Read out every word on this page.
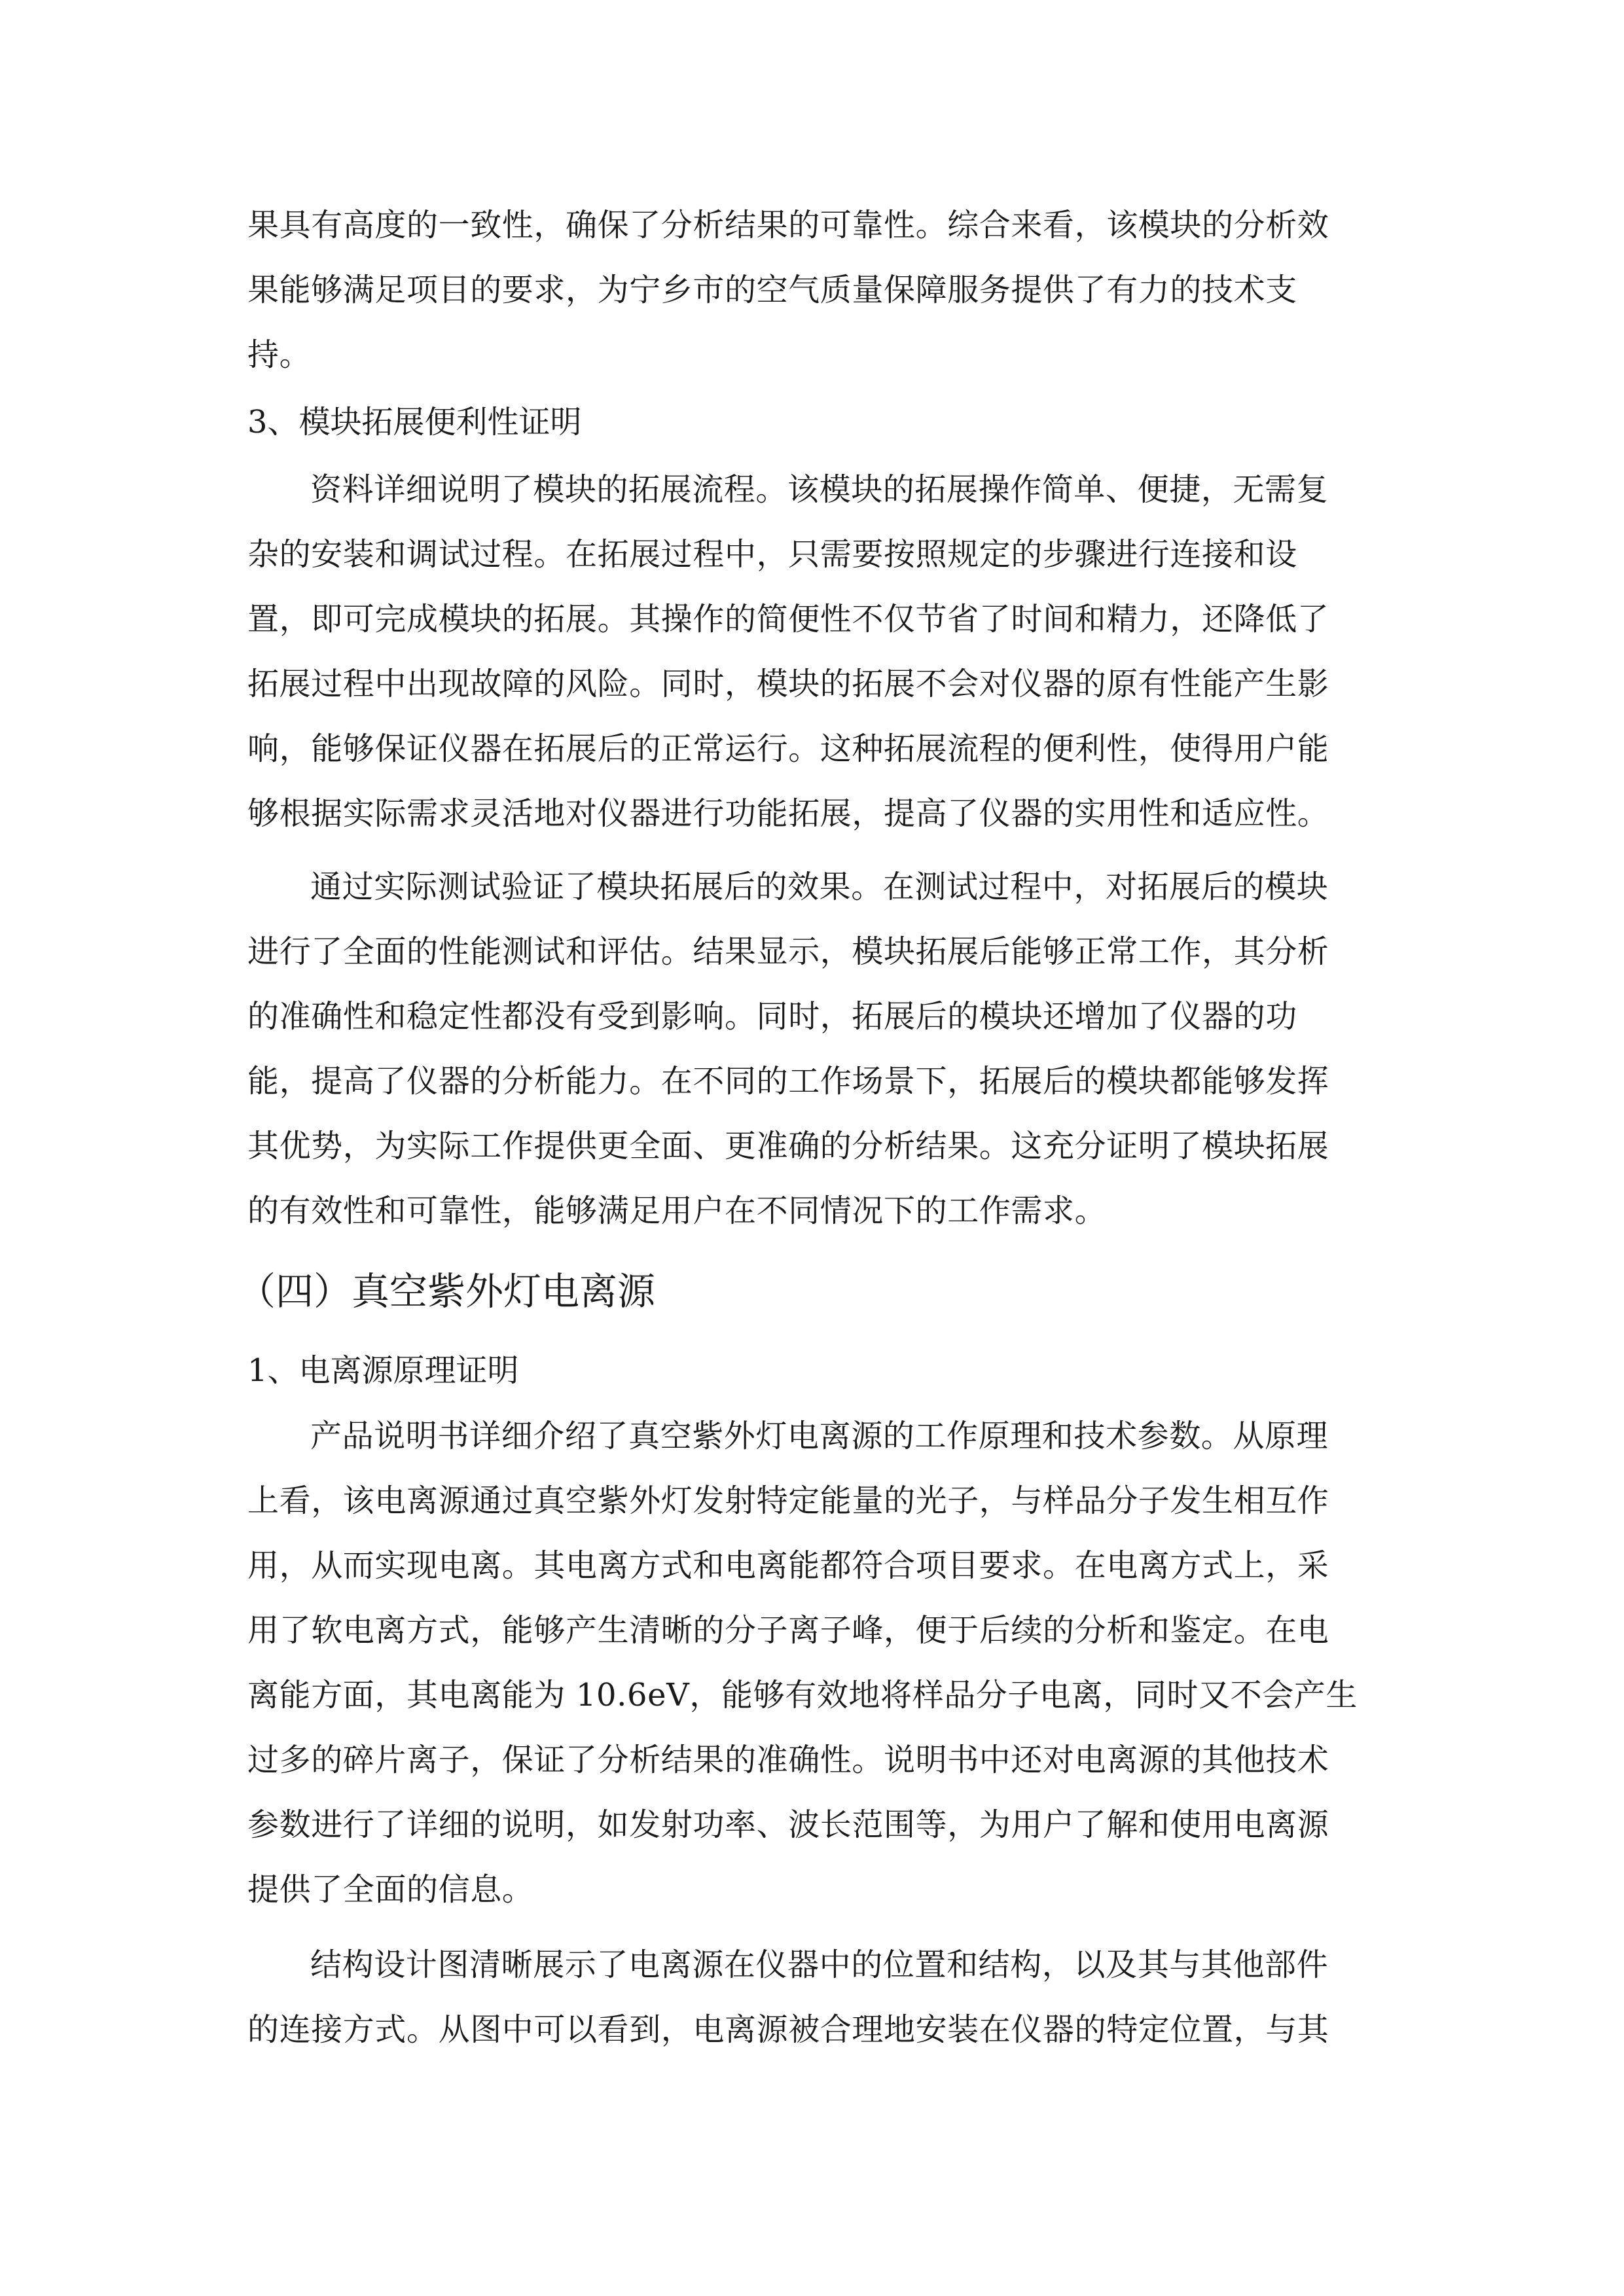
果具有高度的一致性，确保了分析结果的可靠性。综合来看，该模块的分析效
果能够满足项目的要求，为宁乡市的空气质量保障服务提供了有力的技术支
持。
3、模块拓展便利性证明
资料详细说明了模块的拓展流程。该模块的拓展操作简单、便捷，无需复
杂的安装和调试过程。在拓展过程中，只需要按照规定的步骤进行连接和设
置，即可完成模块的拓展。其操作的简便性不仅节省了时间和精力，还降低了
拓展过程中出现故障的风险。同时，模块的拓展不会对仪器的原有性能产生影
响，能够保证仪器在拓展后的正常运行。这种拓展流程的便利性，使得用户能
够根据实际需求灵活地对仪器进行功能拓展，提高了仪器的实用性和适应性。
通过实际测试验证了模块拓展后的效果。在测试过程中，对拓展后的模块
进行了全面的性能测试和评估。结果显示，模块拓展后能够正常工作，其分析
的准确性和稳定性都没有受到影响。同时，拓展后的模块还增加了仪器的功
能，提高了仪器的分析能力。在不同的工作场景下，拓展后的模块都能够发挥
其优势，为实际工作提供更全面、更准确的分析结果。这充分证明了模块拓展
的有效性和可靠性，能够满足用户在不同情况下的工作需求。
（四）真空紫外灯电离源
1、电离源原理证明
产品说明书详细介绍了真空紫外灯电离源的工作原理和技术参数。从原理
上看，该电离源通过真空紫外灯发射特定能量的光子，与样品分子发生相互作
用，从而实现电离。其电离方式和电离能都符合项目要求。在电离方式上，采
用了软电离方式，能够产生清晰的分子离子峰，便于后续的分析和鉴定。在电
离能方面，其电离能为 10.6eV，能够有效地将样品分子电离，同时又不会产生
过多的碎片离子，保证了分析结果的准确性。说明书中还对电离源的其他技术
参数进行了详细的说明，如发射功率、波长范围等，为用户了解和使用电离源
提供了全面的信息。
结构设计图清晰展示了电离源在仪器中的位置和结构，以及其与其他部件
的连接方式。从图中可以看到，电离源被合理地安装在仪器的特定位置，与其
